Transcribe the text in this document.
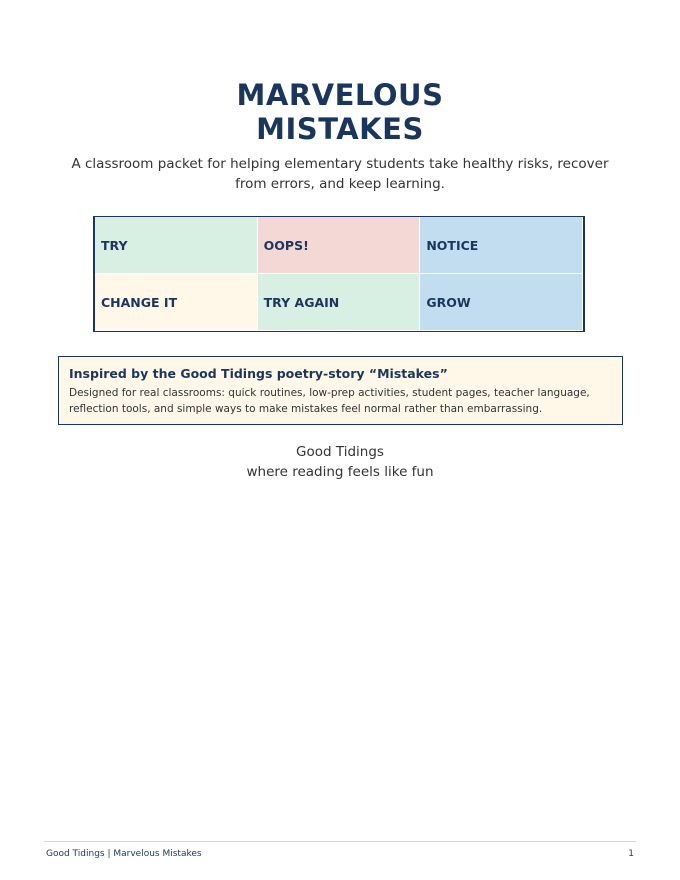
MARVELOUS
MISTAKES
A classroom packet for helping elementary students take healthy risks, recover from errors, and keep learning.
TRY	OOPS!	NOTICE
CHANGE IT	TRY AGAIN	GROW
Inspired by the Good Tidings poetry-story “Mistakes”
Designed for real classrooms: quick routines, low-prep activities, student pages, teacher language, reflection tools, and simple ways to make mistakes feel normal rather than embarrassing.
Good Tidings
where reading feels like fun
Good Tidings | Marvelous Mistakes	1
